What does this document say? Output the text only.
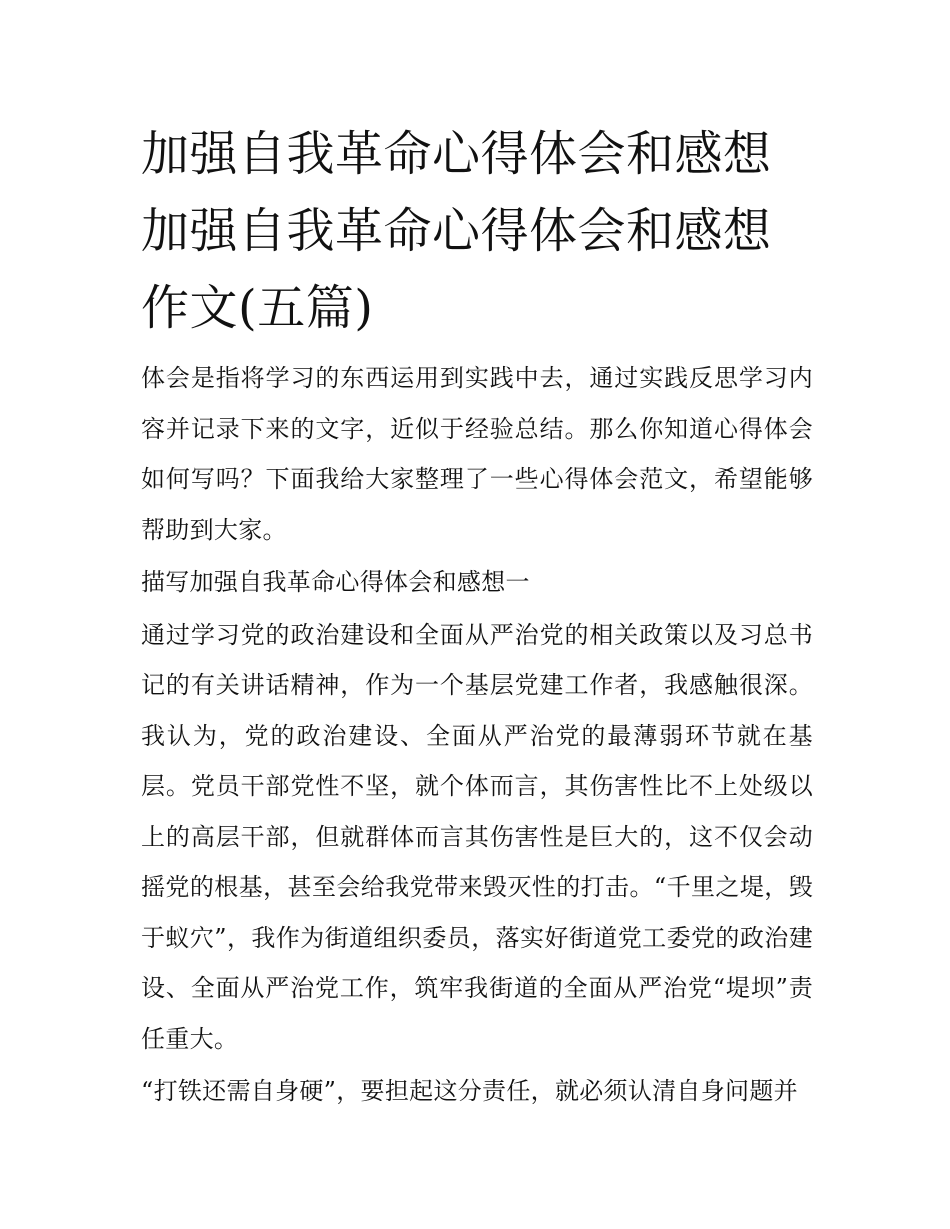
加强自我革命心得体会和感想加强自我革命心得体会和感想作文(五篇)

体会是指将学习的东西运用到实践中去，通过实践反思学习内容并记录下来的文字，近似于经验总结。那么你知道心得体会如何写吗？下面我给大家整理了一些心得体会范文，希望能够帮助到大家。

描写加强自我革命心得体会和感想一

通过学习党的政治建设和全面从严治党的相关政策以及习总书记的有关讲话精神，作为一个基层党建工作者，我感触很深。我认为，党的政治建设、全面从严治党的最薄弱环节就在基层。党员干部党性不坚，就个体而言，其伤害性比不上处级以上的高层干部，但就群体而言其伤害性是巨大的，这不仅会动摇党的根基，甚至会给我党带来毁灭性的打击。“千里之堤，毁于蚁穴”，我作为街道组织委员，落实好街道党工委党的政治建设、全面从严治党工作，筑牢我街道的全面从严治党“堤坝”责任重大。

“打铁还需自身硬”，要担起这分责任，就必须认清自身问题并
